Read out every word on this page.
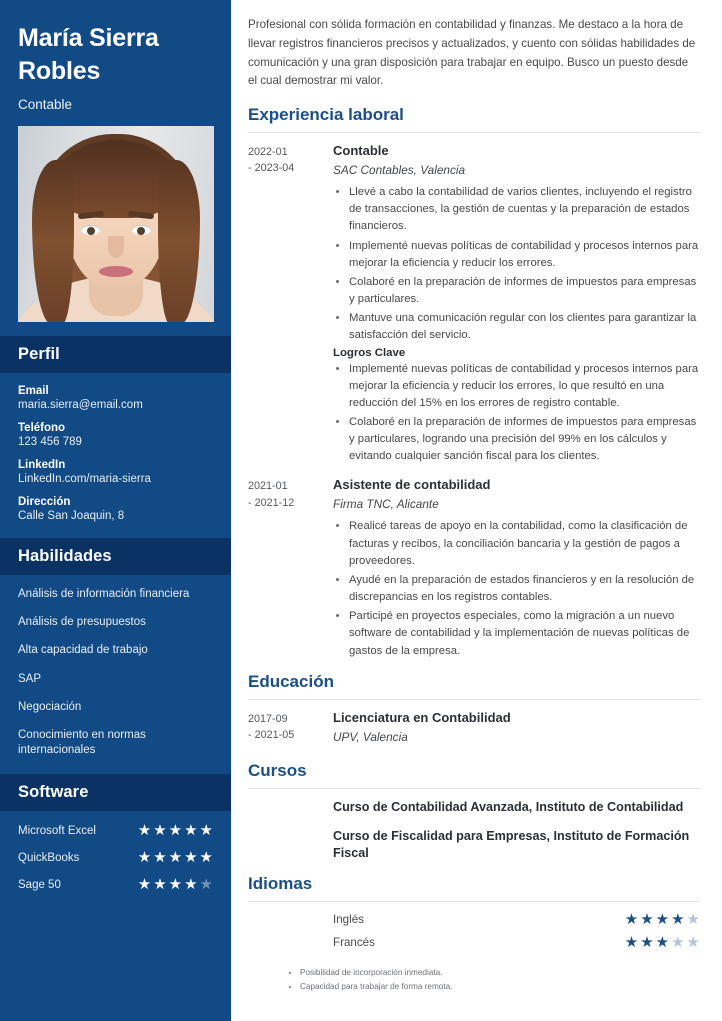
María Sierra Robles
Contable
Perfil
Email
maria.sierra@email.com
Teléfono
123 456 789
LinkedIn
LinkedIn.com/maria-sierra
Dirección
Calle San Joaquin, 8
Habilidades
Análisis de información financiera
Análisis de presupuestos
Alta capacidad de trabajo
SAP
Negociación
Conocimiento en normas internacionales
Software
Microsoft Excel	★ ★ ★ ★ ★
QuickBooks	★ ★ ★ ★ ★
Sage 50	★ ★ ★ ★ ★

Profesional con sólida formación en contabilidad y finanzas. Me destaco a la hora de llevar registros financieros precisos y actualizados, y cuento con sólidas habilidades de comunicación y una gran disposición para trabajar en equipo. Busco un puesto desde el cual demostrar mi valor.

Experiencia laboral
2022-01
- 2023-04
Contable
SAC Contables, Valencia
• Llevé a cabo la contabilidad de varios clientes, incluyendo el registro de transacciones, la gestión de cuentas y la preparación de estados financieros.
• Implementé nuevas políticas de contabilidad y procesos internos para mejorar la eficiencia y reducir los errores.
• Colaboré en la preparación de informes de impuestos para empresas y particulares.
• Mantuve una comunicación regular con los clientes para garantizar la satisfacción del servicio.
Logros Clave
• Implementé nuevas políticas de contabilidad y procesos internos para mejorar la eficiencia y reducir los errores, lo que resultó en una reducción del 15% en los errores de registro contable.
• Colaboré en la preparación de informes de impuestos para empresas y particulares, logrando una precisión del 99% en los cálculos y evitando cualquier sanción fiscal para los clientes.
2021-01
- 2021-12
Asistente de contabilidad
Firma TNC, Alicante
• Realicé tareas de apoyo en la contabilidad, como la clasificación de facturas y recibos, la conciliación bancaria y la gestión de pagos a proveedores.
• Ayudé en la preparación de estados financieros y en la resolución de discrepancias en los registros contables.
• Participé en proyectos especiales, como la migración a un nuevo software de contabilidad y la implementación de nuevas políticas de gastos de la empresa.
Educación
2017-09
- 2021-05
Licenciatura en Contabilidad
UPV, Valencia
Cursos
Curso de Contabilidad Avanzada, Instituto de Contabilidad
Curso de Fiscalidad para Empresas, Instituto de Formación Fiscal
Idiomas
Inglés	★ ★ ★ ★ ★
Francés	★ ★ ★ ★ ★
• Posibilidad de incorporación inmediata.
• Capacidad para trabajar de forma remota.
